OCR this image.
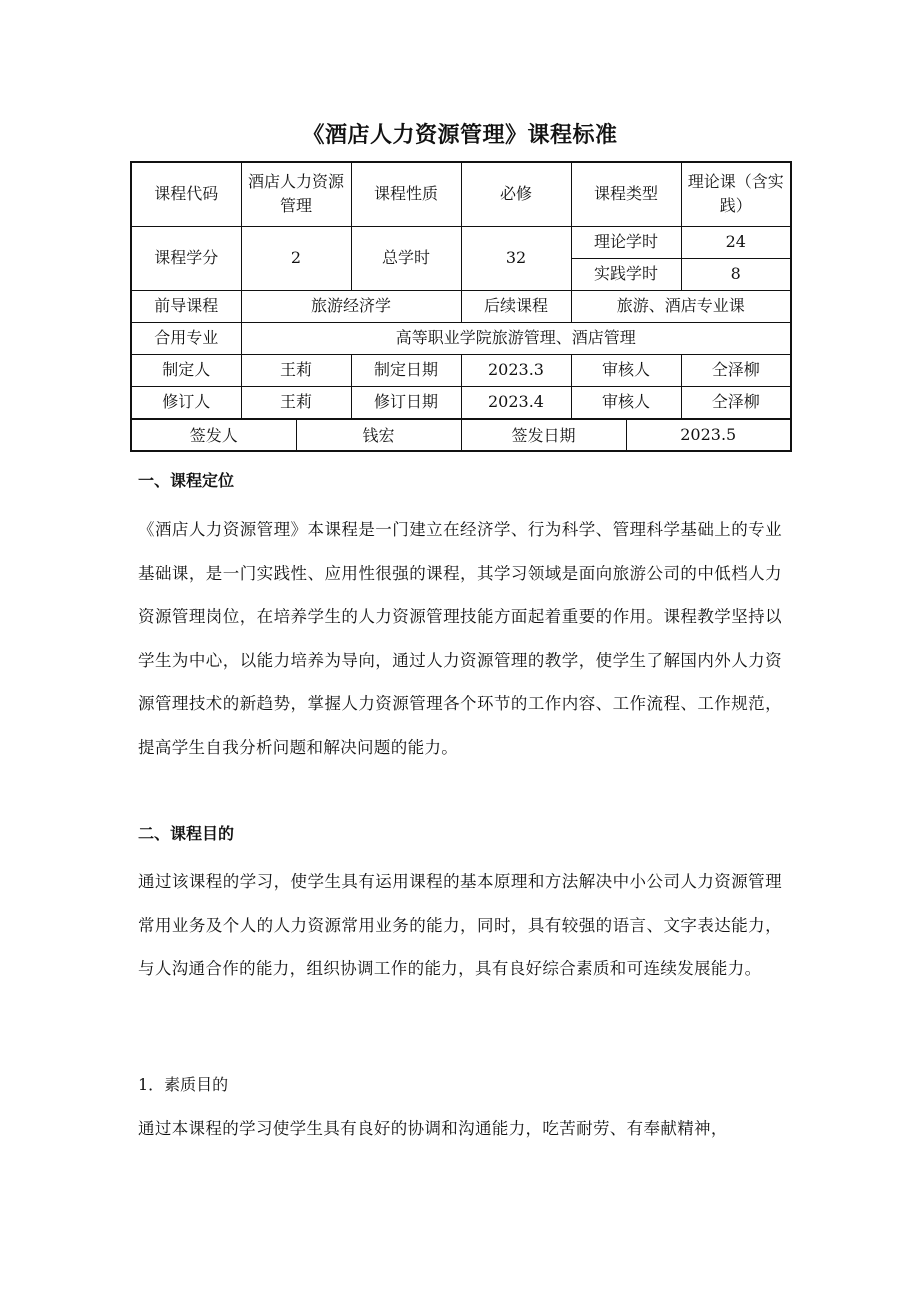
《酒店人力资源管理》课程标准
课程代码	酒店人力资源管理	课程性质	必修	课程类型	理论课（含实践）
课程学分	2	总学时	32	理论学时	24
				实践学时	8
前导课程	旅游经济学		后续课程	旅游、酒店专业课	
合用专业	高等职业学院旅游管理、酒店管理				
制定人	王莉	制定日期	2023.3	审核人	仝泽柳
修订人	王莉	修订日期	2023.4	审核人	仝泽柳
签发人	钱宏	签发日期	2023.5
一、课程定位
《酒店人力资源管理》本课程是一门建立在经济学、行为科学、管理科学基础上的专业基础课，是一门实践性、应用性很强的课程，其学习领域是面向旅游公司的中低档人力资源管理岗位，在培养学生的人力资源管理技能方面起着重要的作用。课程教学坚持以学生为中心，以能力培养为导向，通过人力资源管理的教学，使学生了解国内外人力资源管理技术的新趋势，掌握人力资源管理各个环节的工作内容、工作流程、工作规范，提高学生自我分析问题和解决问题的能力。
二、课程目的
通过该课程的学习，使学生具有运用课程的基本原理和方法解决中小公司人力资源管理常用业务及个人的人力资源常用业务的能力，同时，具有较强的语言、文字表达能力，与人沟通合作的能力，组织协调工作的能力，具有良好综合素质和可连续发展能力。
1．素质目的
通过本课程的学习使学生具有良好的协调和沟通能力，吃苦耐劳、有奉献精神，
